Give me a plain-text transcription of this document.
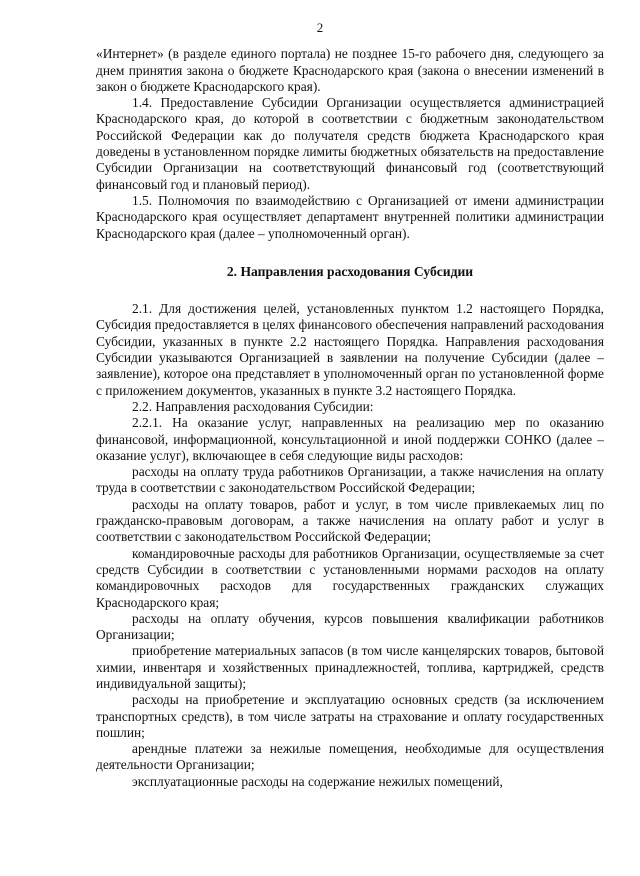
2

«Интернет» (в разделе единого портала) не позднее 15-го рабочего дня, следующего за днем принятия закона о бюджете Краснодарского края (закона о внесении изменений в закон о бюджете Краснодарского края).

1.4. Предоставление Субсидии Организации осуществляется администрацией Краснодарского края, до которой в соответствии с бюджетным законодательством Российской Федерации как до получателя средств бюджета Краснодарского края доведены в установленном порядке лимиты бюджетных обязательств на предоставление Субсидии Организации на соответствующий финансовый год (соответствующий финансовый год и плановый период).

1.5. Полномочия по взаимодействию с Организацией от имени администрации Краснодарского края осуществляет департамент внутренней политики администрации Краснодарского края (далее – уполномоченный орган).

2. Направления расходования Субсидии

2.1. Для достижения целей, установленных пунктом 1.2 настоящего Порядка, Субсидия предоставляется в целях финансового обеспечения направлений расходования Субсидии, указанных в пункте 2.2 настоящего Порядка. Направления расходования Субсидии указываются Организацией в заявлении на получение Субсидии (далее – заявление), которое она представляет в уполномоченный орган по установленной форме с приложением документов, указанных в пункте 3.2 настоящего Порядка.

2.2. Направления расходования Субсидии:

2.2.1. На оказание услуг, направленных на реализацию мер по оказанию финансовой, информационной, консультационной и иной поддержки СОНКО (далее – оказание услуг), включающее в себя следующие виды расходов:

расходы на оплату труда работников Организации, а также начисления на оплату труда в соответствии с законодательством Российской Федерации;

расходы на оплату товаров, работ и услуг, в том числе привлекаемых лиц по гражданско-правовым договорам, а также начисления на оплату работ и услуг в соответствии с законодательством Российской Федерации;

командировочные расходы для работников Организации, осуществляемые за счет средств Субсидии в соответствии с установленными нормами расходов на оплату командировочных расходов для государственных гражданских служащих Краснодарского края;

расходы на оплату обучения, курсов повышения квалификации работников Организации;

приобретение материальных запасов (в том числе канцелярских товаров, бытовой химии, инвентаря и хозяйственных принадлежностей, топлива, картриджей, средств индивидуальной защиты);

расходы на приобретение и эксплуатацию основных средств (за исключением транспортных средств), в том числе затраты на страхование и оплату государственных пошлин;

арендные платежи за нежилые помещения, необходимые для осуществления деятельности Организации;

эксплуатационные расходы на содержание нежилых помещений,
